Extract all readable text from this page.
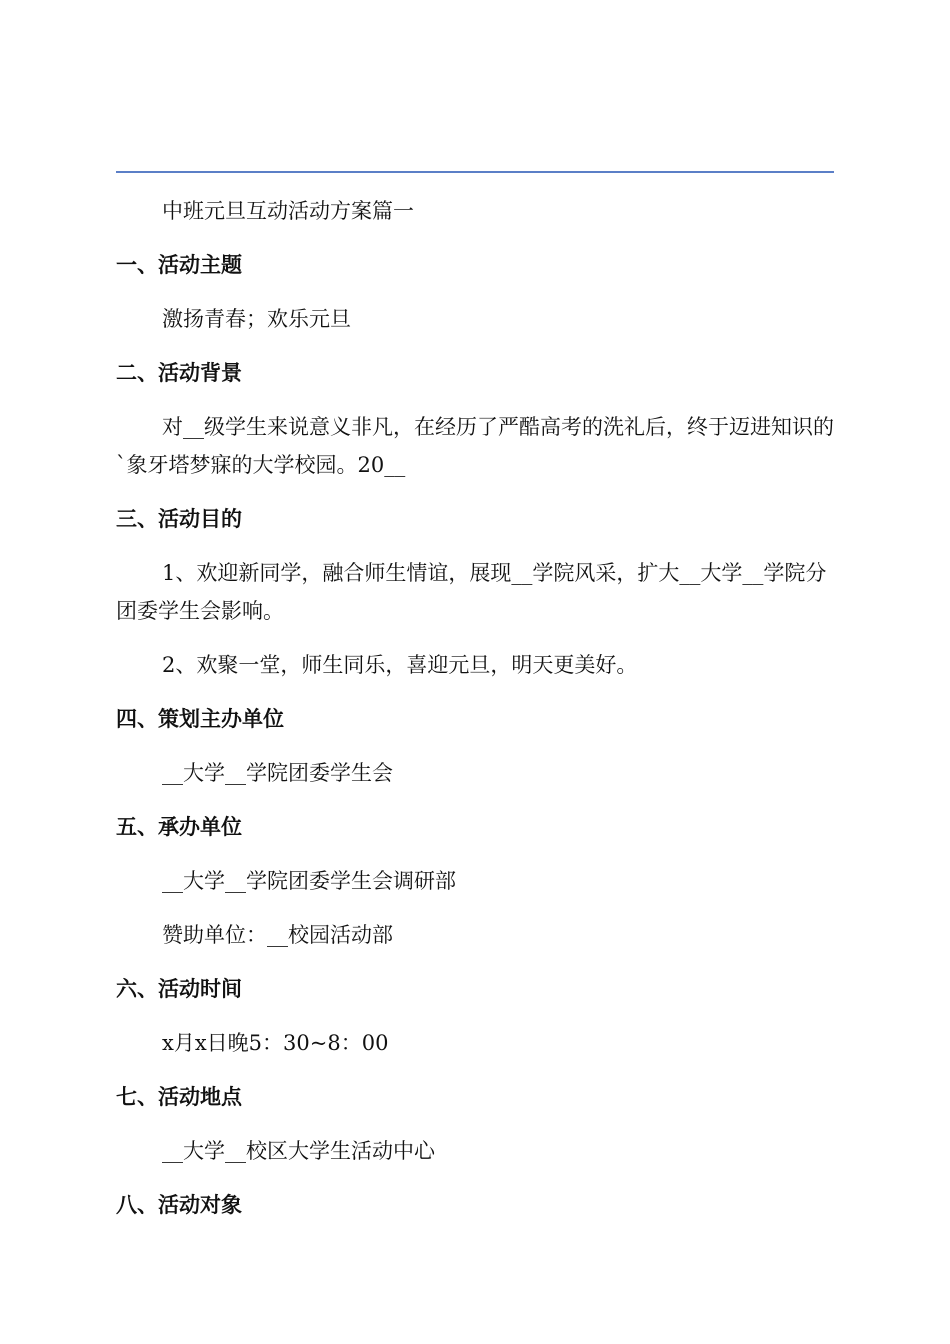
中班元旦互动活动方案篇一

一、活动主题

激扬青春；欢乐元旦

二、活动背景

对__级学生来说意义非凡，在经历了严酷高考的洗礼后，终于迈进知识的`象牙塔梦寐的大学校园。20__

三、活动目的

1、欢迎新同学，融合师生情谊，展现__学院风采，扩大__大学__学院分团委学生会影响。

2、欢聚一堂，师生同乐，喜迎元旦，明天更美好。

四、策划主办单位

__大学__学院团委学生会

五、承办单位

__大学__学院团委学生会调研部

赞助单位：__校园活动部

六、活动时间

x月x日晚5：30~8：00

七、活动地点

__大学__校区大学生活动中心

八、活动对象
